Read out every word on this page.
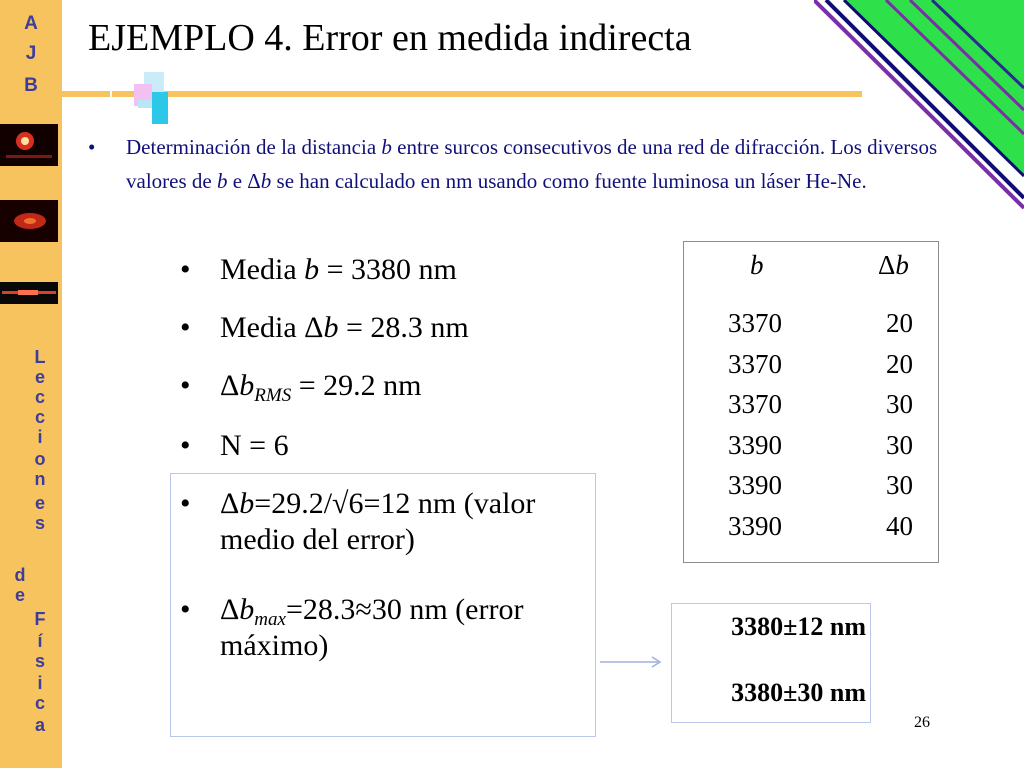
A
J
B
L
e
c
c
i
o
n
e
s
d
e
F
í
s
i
c
a
EJEMPLO 4. Error en medida indirecta
• Determinación de la distancia b entre surcos consecutivos de una red de difracción. Los diversos valores de b e Δb se han calculado en nm usando como fuente luminosa un láser He-Ne.
b	Δb
3370	20
3370	20
3370	30
3390	30
3390	30
3390	40
• Media b = 3380 nm
• Media Δb = 28.3 nm
• $\Delta b_{RMS} = 29.2$ nm
• N = 6
• Δb=29.2/√6=12 nm (valor medio del error)
• $\Delta b_{max}=28.3\approx 30$ nm (error máximo)
3380±12 nm
3380±30 nm
26
